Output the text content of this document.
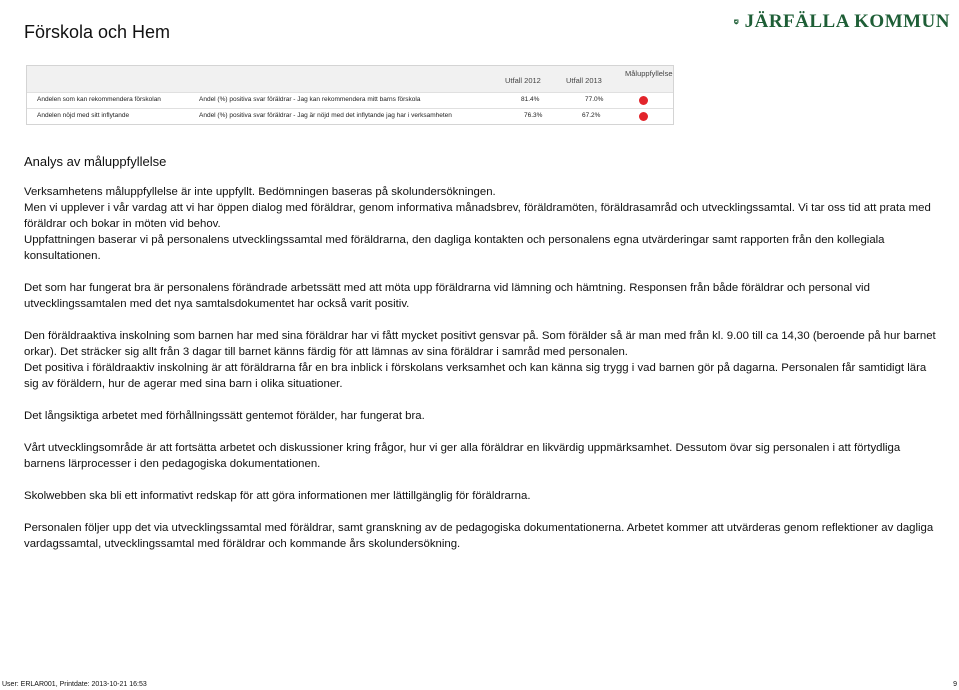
Förskola och Hem	JÄRFÄLLA KOMMUN
Utfall 2012	Utfall 2013
Måluppfyllelse
Andelen som kan rekommendera förskolan	Andel (%) positiva svar föräldrar - Jag kan rekommendera mitt barns förskola	81.4%	77.0%
Andelen nöjd med sitt inflytande	Andel (%) positiva svar föräldrar - Jag är nöjd med det inflytande jag har i verksamheten	76.3%	67.2%
Analys av måluppfyllelse

Verksamhetens måluppfyllelse är inte uppfyllt. Bedömningen baseras på skolundersökningen.

Men vi upplever i vår vardag att vi har öppen dialog med föräldrar, genom informativa månadsbrev, föräldramöten, föräldrasamråd och utvecklingssamtal. Vi tar oss tid att prata med föräldrar och bokar in möten vid behov.

Uppfattningen baserar vi på personalens utvecklingssamtal med föräldrarna, den dagliga kontakten och personalens egna utvärderingar samt rapporten från den kollegiala konsultationen.

Det som har fungerat bra är personalens förändrade arbetssätt med att möta upp föräldrarna vid lämning och hämtning. Responsen från både föräldrar och personal vid utvecklingssamtalen med det nya samtalsdokumentet har också varit positiv.

Den föräldraaktiva inskolning som barnen har med sina föräldrar har vi fått mycket positivt gensvar på. Som förälder så är man med från kl. 9.00 till ca 14,30 (beroende på hur barnet orkar). Det sträcker sig allt från 3 dagar till barnet känns färdig för att lämnas av sina föräldrar i samråd med personalen.

Det positiva i föräldraaktiv inskolning är att föräldrarna får en bra inblick i förskolans verksamhet och kan känna sig trygg i vad barnen gör på dagarna. Personalen får samtidigt lära sig av föräldern, hur de agerar med sina barn i olika situationer.

Det långsiktiga arbetet med förhållningssätt gentemot förälder, har fungerat bra.

Vårt utvecklingsområde är att fortsätta arbetet och diskussioner kring frågor, hur vi ger alla föräldrar en likvärdig uppmärksamhet. Dessutom övar sig personalen i att förtydliga barnens lärprocesser i den pedagogiska dokumentationen.

Skolwebben ska bli ett informativt redskap för att göra informationen mer lättillgänglig för föräldrarna.

Personalen följer upp det via utvecklingssamtal med föräldrar, samt granskning av de pedagogiska dokumentationerna. Arbetet kommer att utvärderas genom reflektioner av dagliga vardagssamtal, utvecklingssamtal med föräldrar och kommande års skolundersökning.

User: ERLAR001, Printdate: 2013-10-21 16:53	9
